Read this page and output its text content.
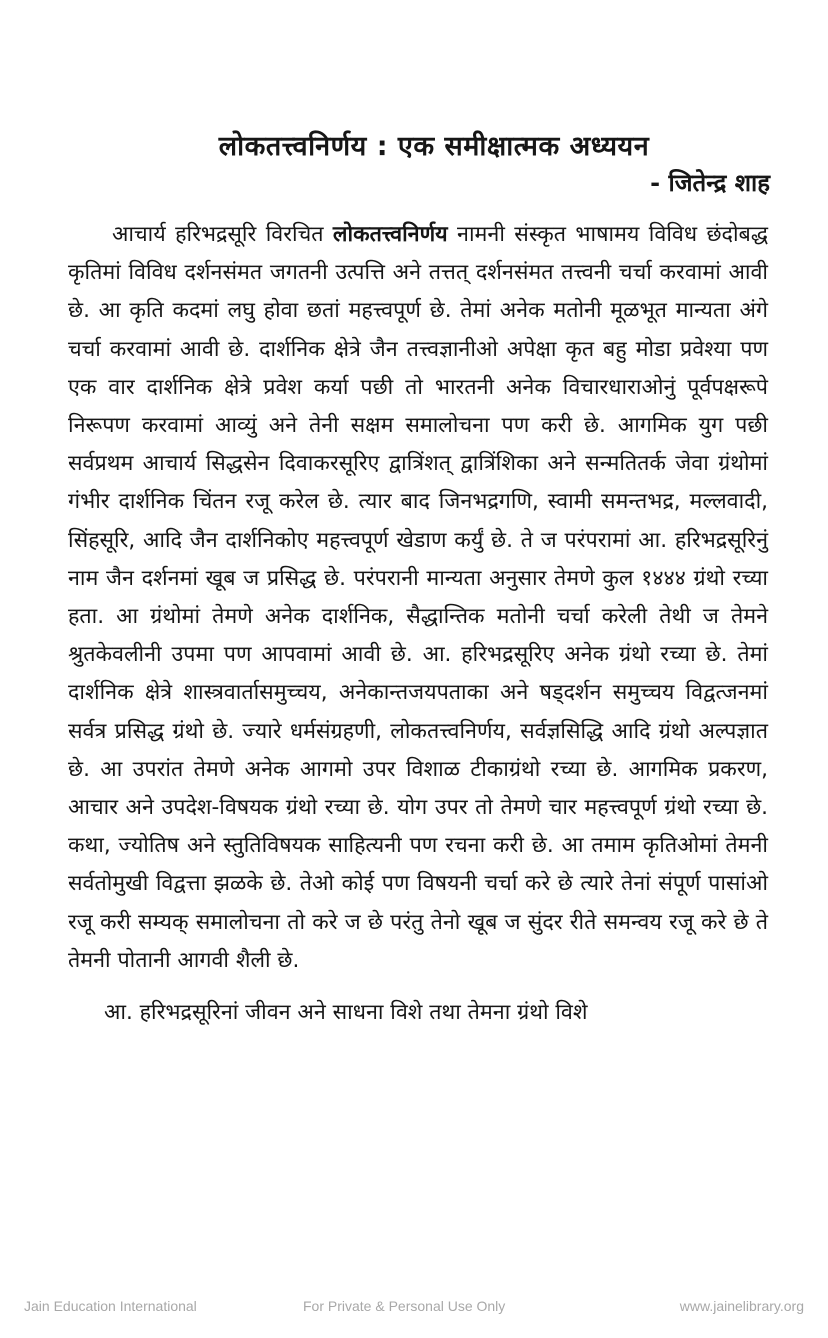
लोकतत्त्वनिर्णय : एक समीक्षात्मक अध्ययन
- जितेन्द्र शाह

आचार्य हरिभद्रसूरि विरचित लोकतत्त्वनिर्णय नामनी संस्कृत भाषामय विविध छंदोबद्ध कृतिमां विविध दर्शनसंमत जगतनी उत्पत्ति अने तत्तत् दर्शनसंमत तत्त्वनी चर्चा करवामां आवी छे. आ कृति कदमां लघु होवा छतां महत्त्वपूर्ण छे. तेमां अनेक मतोनी मूळभूत मान्यता अंगे चर्चा करवामां आवी छे. दार्शनिक क्षेत्रे जैन तत्त्वज्ञानीओ अपेक्षा कृत बहु मोडा प्रवेश्या पण एक वार दार्शनिक क्षेत्रे प्रवेश कर्या पछी तो भारतनी अनेक विचारधाराओनुं पूर्वपक्षरूपे निरूपण करवामां आव्युं अने तेनी सक्षम समालोचना पण करी छे. आगमिक युग पछी सर्वप्रथम आचार्य सिद्धसेन दिवाकरसूरिए द्वात्रिंशत् द्वात्रिंशिका अने सन्मतितर्क जेवा ग्रंथोमां गंभीर दार्शनिक चिंतन रजू करेल छे. त्यार बाद जिनभद्रगणि, स्वामी समन्तभद्र, मल्लवादी, सिंहसूरि, आदि जैन दार्शनिकोए महत्त्वपूर्ण खेडाण कर्युं छे. ते ज परंपरामां आ. हरिभद्रसूरिनुं नाम जैन दर्शनमां खूब ज प्रसिद्ध छे. परंपरानी मान्यता अनुसार तेमणे कुल १४४४ ग्रंथो रच्या हता. आ ग्रंथोमां तेमणे अनेक दार्शनिक, सैद्धान्तिक मतोनी चर्चा करेली तेथी ज तेमने श्रुतकेवलीनी उपमा पण आपवामां आवी छे. आ. हरिभद्रसूरिए अनेक ग्रंथो रच्या छे. तेमां दार्शनिक क्षेत्रे शास्त्रवार्तासमुच्चय, अनेकान्तजयपताका अने षड्दर्शन समुच्चय विद्वत्जनमां सर्वत्र प्रसिद्ध ग्रंथो छे. ज्यारे धर्मसंग्रहणी, लोकतत्त्वनिर्णय, सर्वज्ञसिद्धि आदि ग्रंथो अल्पज्ञात छे. आ उपरांत तेमणे अनेक आगमो उपर विशाळ टीकाग्रंथो रच्या छे. आगमिक प्रकरण, आचार अने उपदेश-विषयक ग्रंथो रच्या छे. योग उपर तो तेमणे चार महत्त्वपूर्ण ग्रंथो रच्या छे. कथा, ज्योतिष अने स्तुतिविषयक साहित्यनी पण रचना करी छे. आ तमाम कृतिओमां तेमनी सर्वतोमुखी विद्वत्ता झळके छे. तेओ कोई पण विषयनी चर्चा करे छे त्यारे तेनां संपूर्ण पासांओ रजू करी सम्यक् समालोचना तो करे ज छे परंतु तेनो खूब ज सुंदर रीते समन्वय रजू करे छे ते तेमनी पोतानी आगवी शैली छे.

आ. हरिभद्रसूरिनां जीवन अने साधना विशे तथा तेमना ग्रंथो विशे

Jain Education International	For Private & Personal Use Only	www.jainelibrary.org
